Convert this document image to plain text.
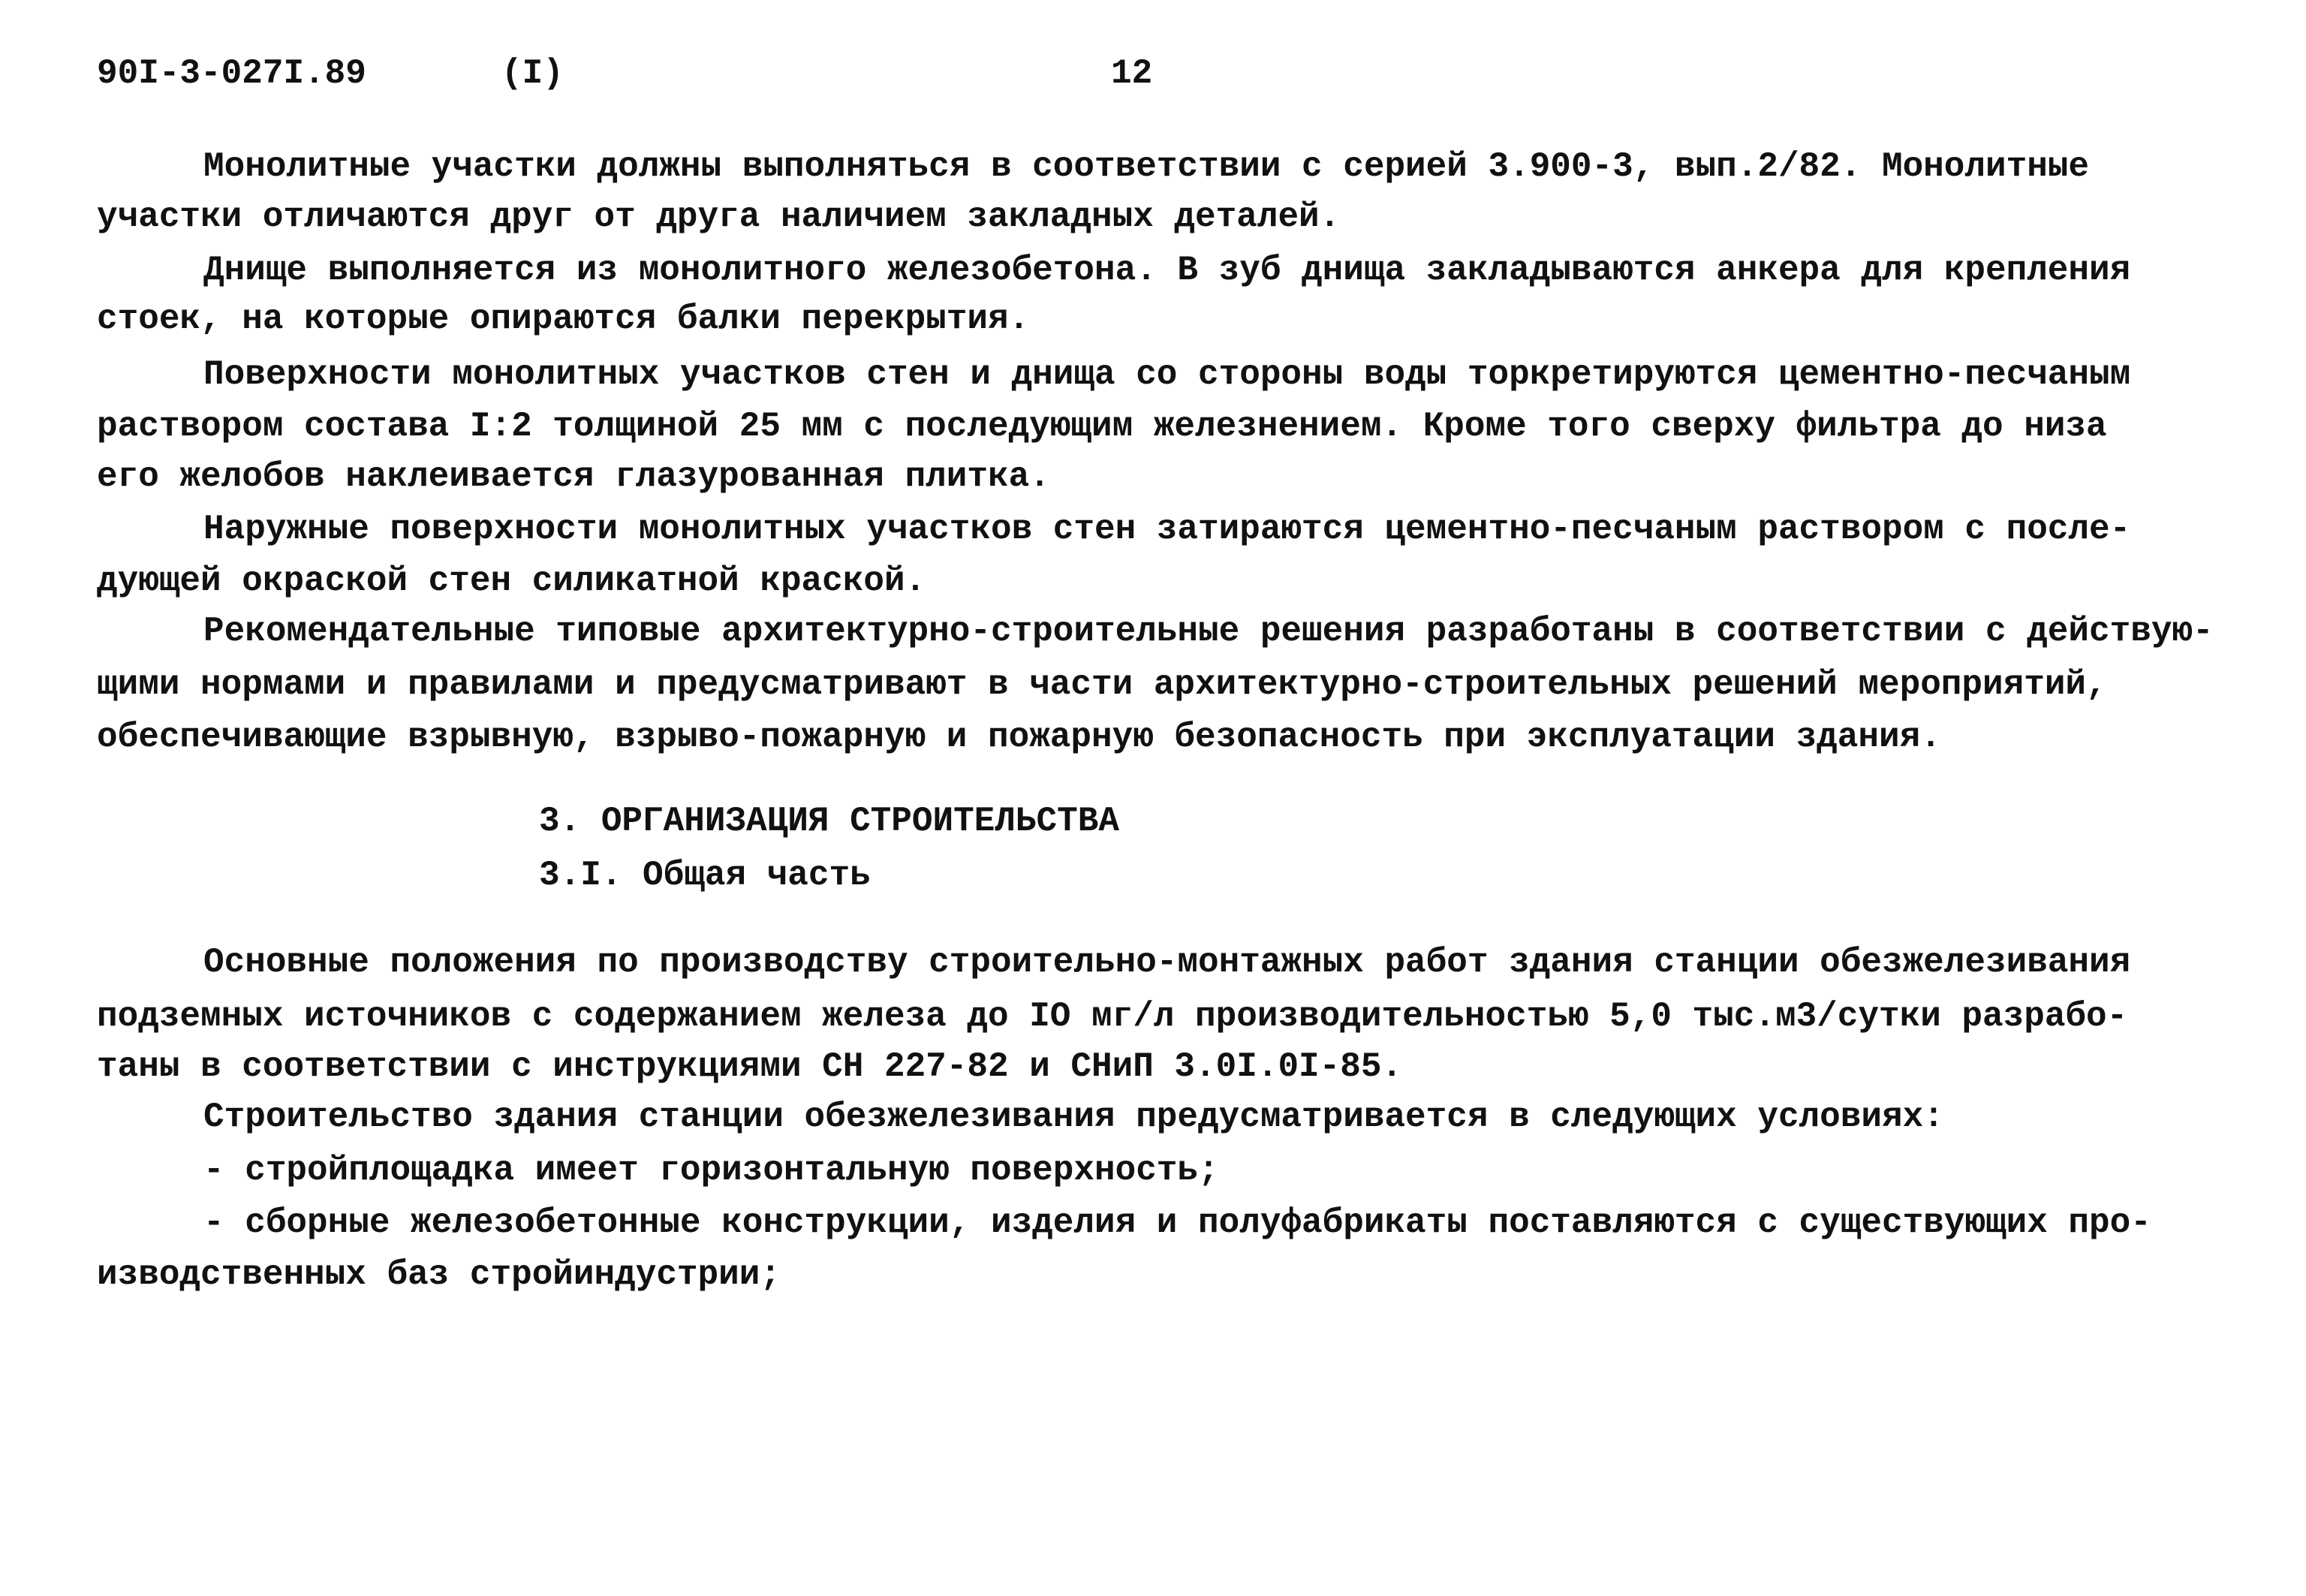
90I-3-027I.89	(I)	12
Монолитные участки должны выполняться в соответствии с серией 3.900-3, вып.2/82. Монолитные
участки отличаются друг от друга наличием закладных деталей.
Днище выполняется из монолитного железобетона. В зуб днища закладываются анкера для крепления
стоек, на которые опираются балки перекрытия.
Поверхности монолитных участков стен и днища со стороны воды торкретируются цементно-песчаным
раствором состава I:2 толщиной 25 мм с последующим железнением. Кроме того сверху фильтра до низа
его желобов наклеивается глазурованная плитка.
Наружные поверхности монолитных участков стен затираются цементно-песчаным раствором с после-
дующей окраской стен силикатной краской.
Рекомендательные типовые архитектурно-строительные решения разработаны в соответствии с действую-
щими нормами и правилами и предусматривают в части архитектурно-строительных решений мероприятий,
обеспечивающие взрывную, взрыво-пожарную и пожарную безопасность при эксплуатации здания.
3. ОРГАНИЗАЦИЯ СТРОИТЕЛЬСТВА
3.I. Общая часть
Основные положения по производству строительно-монтажных работ здания станции обезжелезивания
подземных источников с содержанием железа до IO мг/л производительностью 5,0 тыс.м3/сутки разрабо-
таны в соответствии с инструкциями СН 227-82 и СНиП 3.0I.0I-85.
Строительство здания станции обезжелезивания предусматривается в следующих условиях:
- стройплощадка имеет горизонтальную поверхность;
- сборные железобетонные конструкции, изделия и полуфабрикаты поставляются с существующих про-
изводственных баз стройиндустрии;
